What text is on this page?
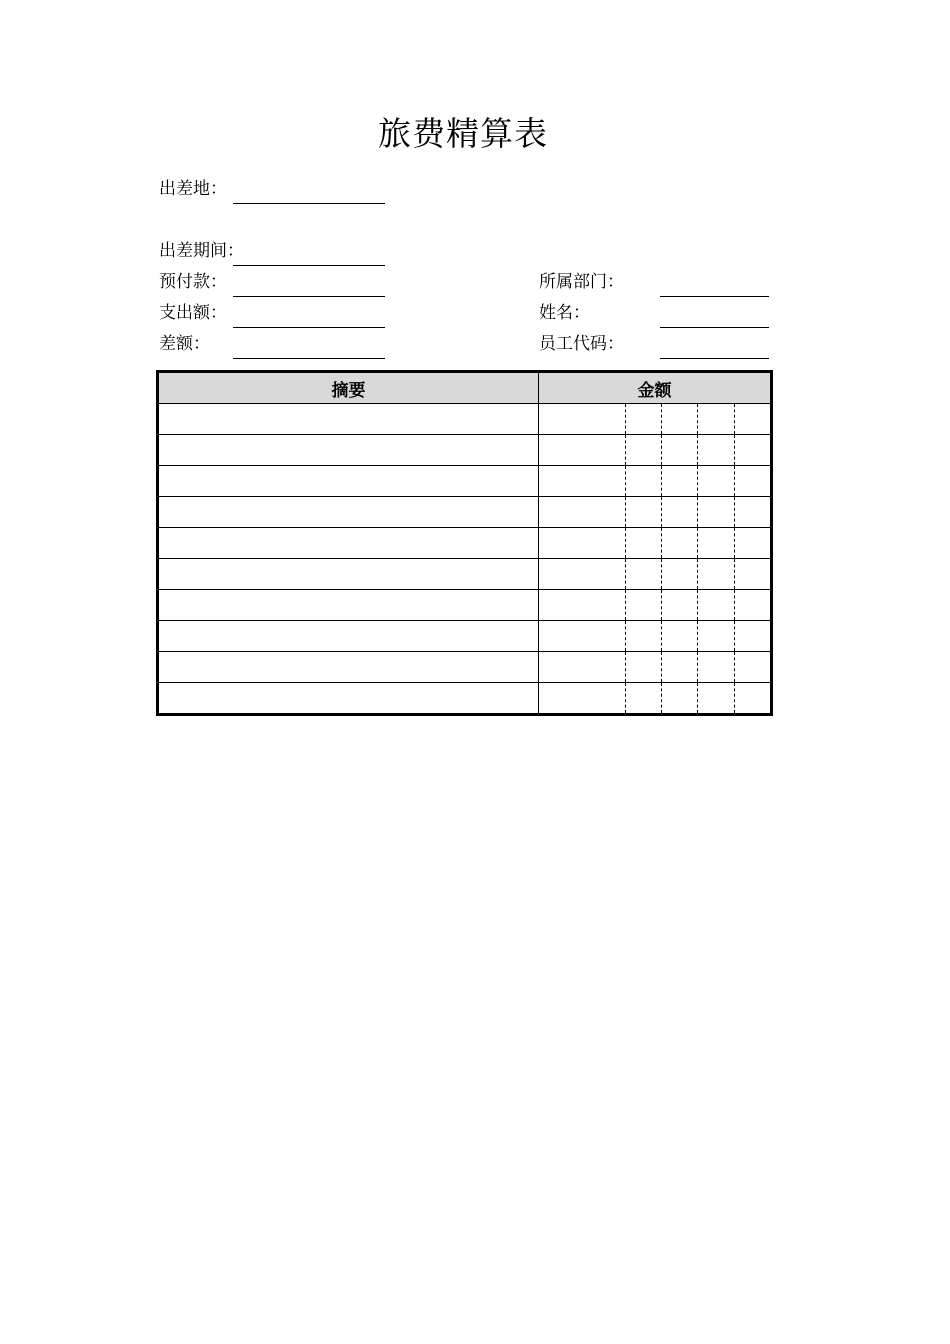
旅费精算表
出差地：
出差期间：
预付款：
支出额：
差额：
所属部门：
姓名：
员工代码：
摘要	金额				
